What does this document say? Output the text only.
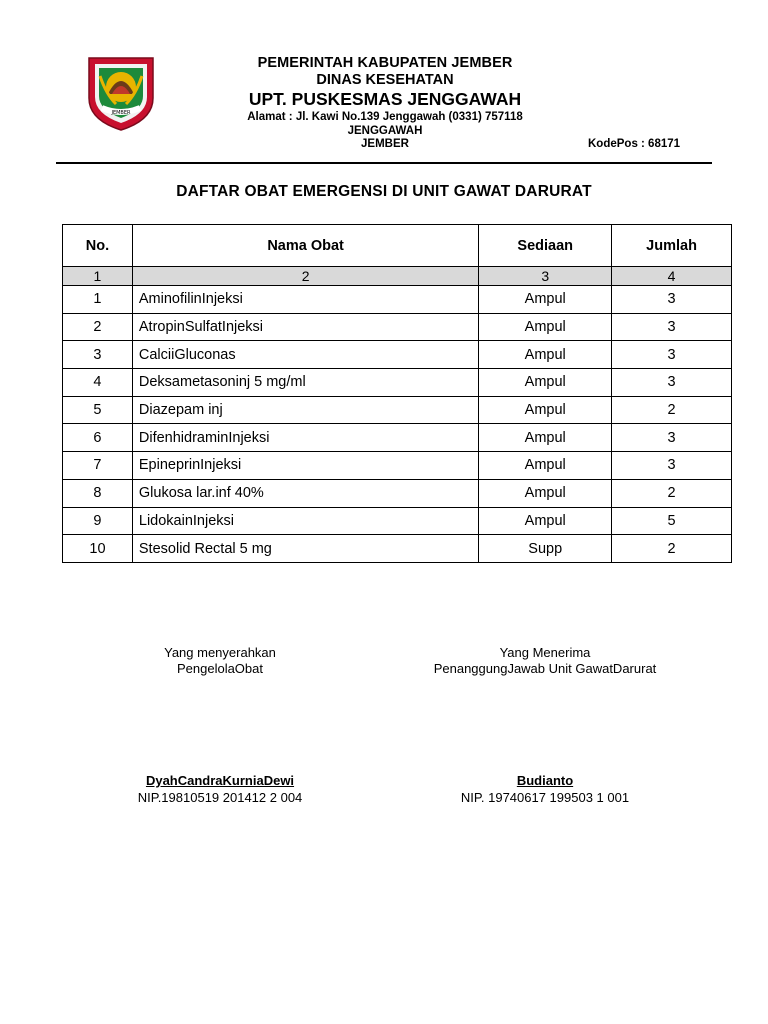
JEMBER
PEMERINTAH KABUPATEN JEMBER
DINAS KESEHATAN
UPT. PUSKESMAS JENGGAWAH
Alamat : Jl. Kawi No.139 Jenggawah (0331) 757118
JENGGAWAH
JEMBER	KodePos : 68171
DAFTAR OBAT EMERGENSI DI UNIT GAWAT DARURAT
No.	Nama Obat	Sediaan	Jumlah
1	2	3	4
1	AminofilinInjeksi	Ampul	3
2	AtropinSulfatInjeksi	Ampul	3
3	CalciiGluconas	Ampul	3
4	Deksametasoninj 5 mg/ml	Ampul	3
5	Diazepam inj	Ampul	2
6	DifenhidraminInjeksi	Ampul	3
7	EpineprinInjeksi	Ampul	3
8	Glukosa lar.inf 40%	Ampul	2
9	LidokainInjeksi	Ampul	5
10	Stesolid Rectal 5 mg	Supp	2
Yang menyerahkan
PengelolaObat
DyahCandraKurniaDewi
NIP.19810519 201412 2 004
Yang Menerima
PenanggungJawab Unit GawatDarurat
Budianto
NIP. 19740617 199503 1 001
